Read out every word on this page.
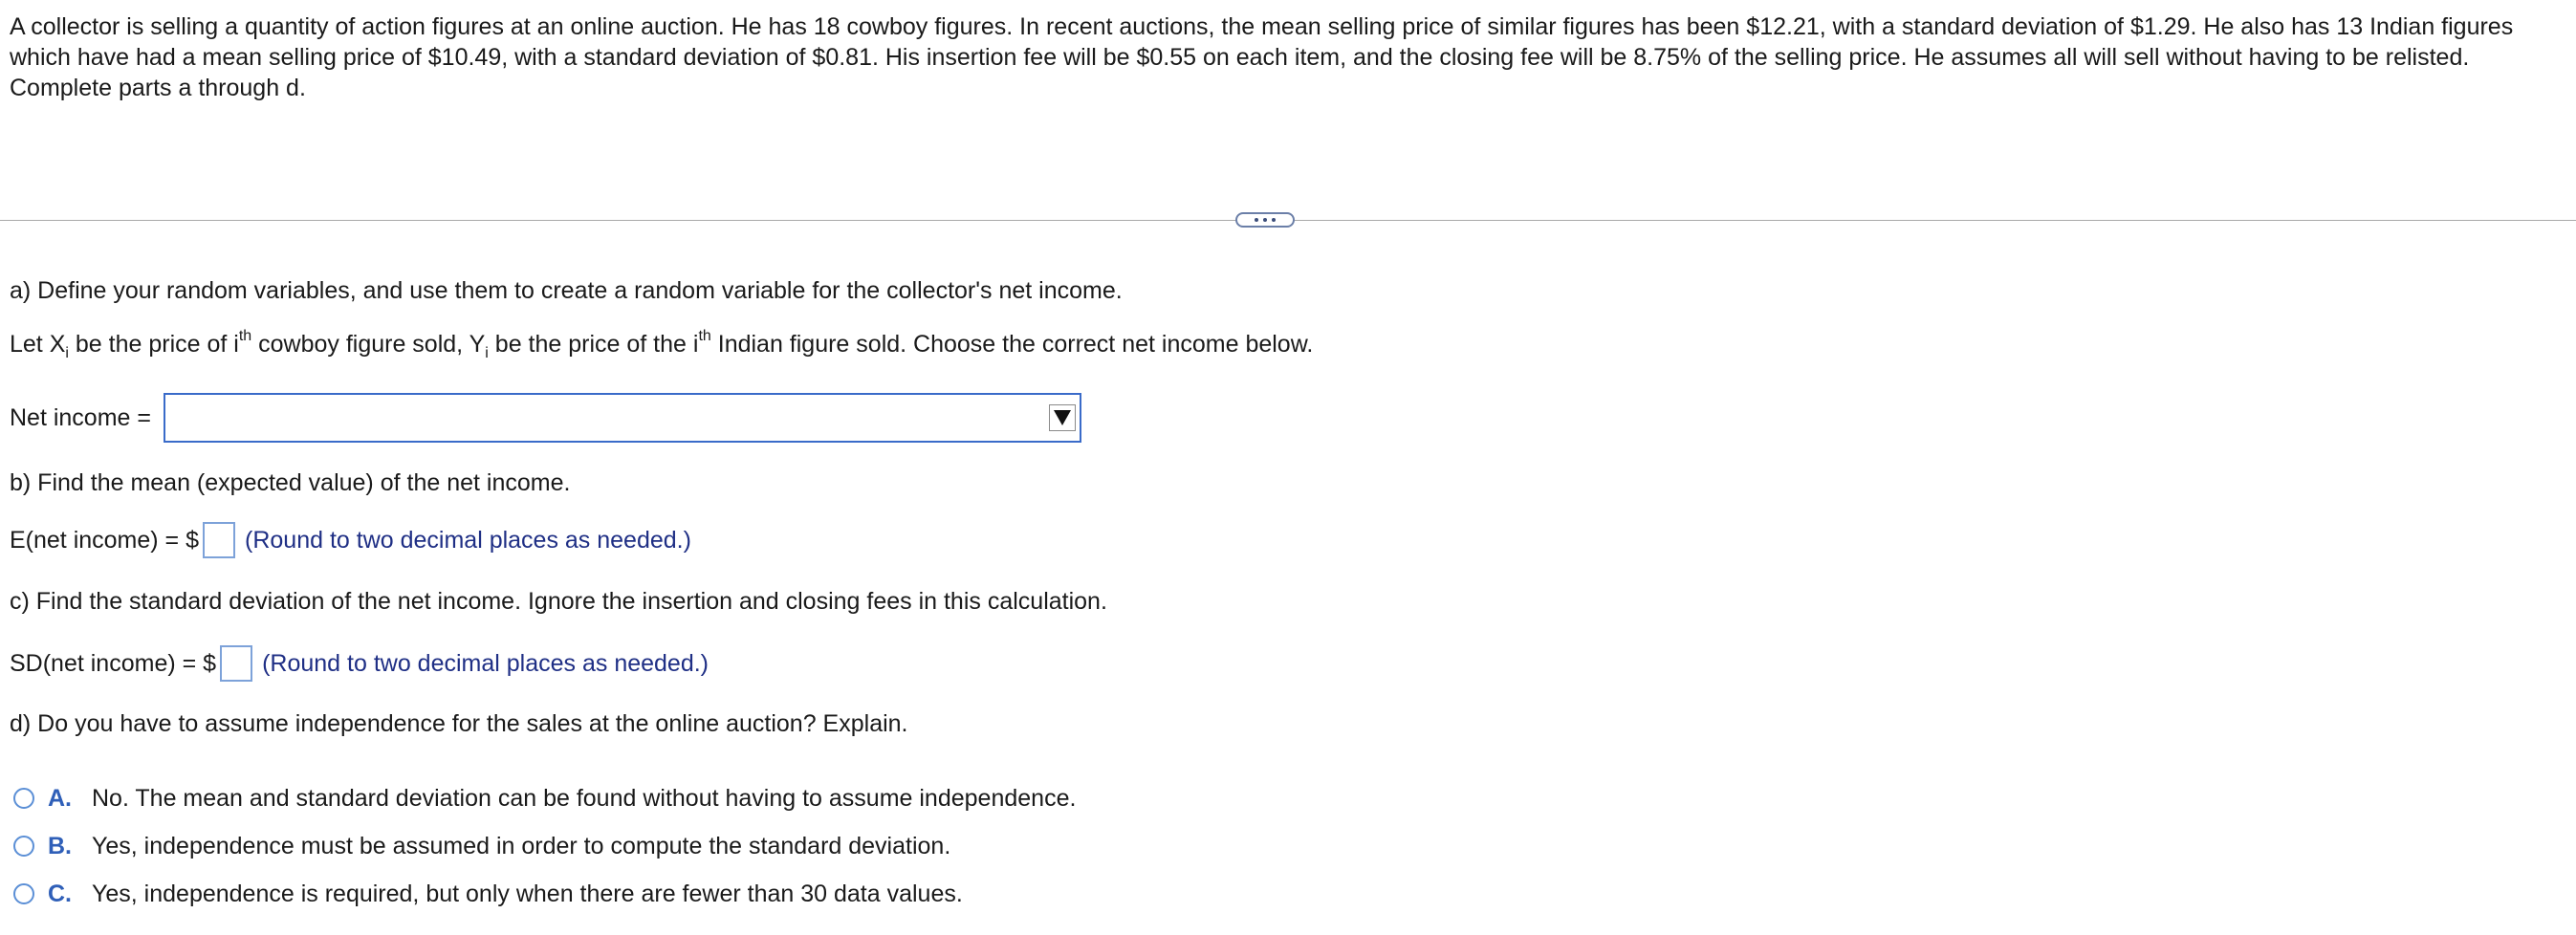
A collector is selling a quantity of action figures at an online auction. He has 18 cowboy figures. In recent auctions, the mean selling price of similar figures has been $12.21, with a standard deviation of $1.29. He also has 13 Indian figures which have had a mean selling price of $10.49, with a standard deviation of $0.81. His insertion fee will be $0.55 on each item, and the closing fee will be 8.75% of the selling price. He assumes all will sell without having to be relisted. Complete parts a through d.

a) Define your random variables, and use them to create a random variable for the collector's net income.

Let $X_i$ be the price of $i^{th}$ cowboy figure sold, $Y_i$ be the price of the $i^{th}$ Indian figure sold. Choose the correct net income below.

Net income =

b) Find the mean (expected value) of the net income.

E(net income) = $ (Round to two decimal places as needed.)

c) Find the standard deviation of the net income. Ignore the insertion and closing fees in this calculation.

SD(net income) = $ (Round to two decimal places as needed.)

d) Do you have to assume independence for the sales at the online auction? Explain.

A. No. The mean and standard deviation can be found without having to assume independence.
B. Yes, independence must be assumed in order to compute the standard deviation.
C. Yes, independence is required, but only when there are fewer than 30 data values.
